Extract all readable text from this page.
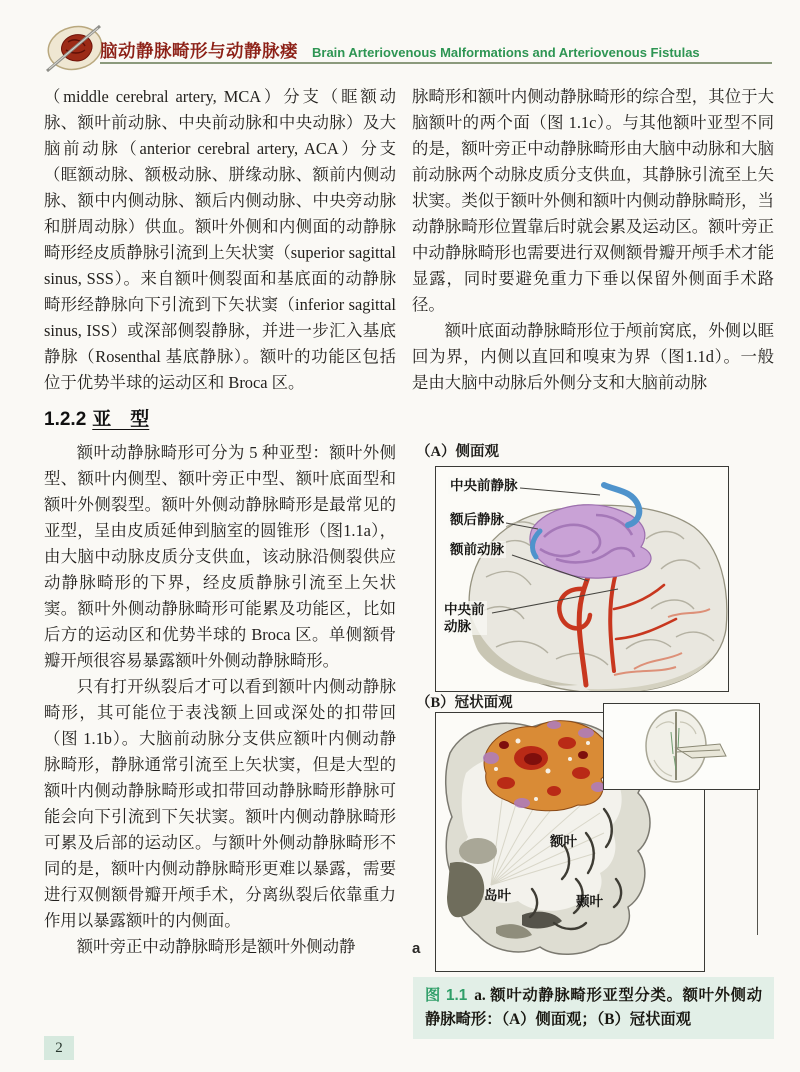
脑动静脉畸形与动静脉瘘 Brain Arteriovenous Malformations and Arteriovenous Fistulas

（middle cerebral artery, MCA）分支（眶额动脉、额叶前动脉、中央前动脉和中央动脉）及大脑前动脉（anterior cerebral artery, ACA）分支（眶额动脉、额极动脉、胼缘动脉、额前内侧动脉、额中内侧动脉、额后内侧动脉、中央旁动脉和胼周动脉）供血。额叶外侧和内侧面的动静脉畸形经皮质静脉引流到上矢状窦（superior sagittal sinus, SSS）。来自额叶侧裂面和基底面的动静脉畸形经静脉向下引流到下矢状窦（inferior sagittal sinus, ISS）或深部侧裂静脉，并进一步汇入基底静脉（Rosenthal 基底静脉）。额叶的功能区包括位于优势半球的运动区和 Broca 区。

1.2.2 亚　型

额叶动静脉畸形可分为 5 种亚型：额叶外侧型、额叶内侧型、额叶旁正中型、额叶底面型和额叶外侧裂型。额叶外侧动静脉畸形是最常见的亚型，呈由皮质延伸到脑室的圆锥形（图1.1a），由大脑中动脉皮质分支供血，该动脉沿侧裂供应动静脉畸形的下界，经皮质静脉引流至上矢状窦。额叶外侧动静脉畸形可能累及功能区，比如后方的运动区和优势半球的 Broca 区。单侧额骨瓣开颅很容易暴露额叶外侧动静脉畸形。

只有打开纵裂后才可以看到额叶内侧动静脉畸形，其可能位于表浅额上回或深处的扣带回（图 1.1b）。大脑前动脉分支供应额叶内侧动静脉畸形，静脉通常引流至上矢状窦，但是大型的额叶内侧动静脉畸形或扣带回动静脉畸形静脉可能会向下引流到下矢状窦。额叶内侧动静脉畸形可累及后部的运动区。与额叶外侧动静脉畸形不同的是，额叶内侧动静脉畸形更难以暴露，需要进行双侧额骨瓣开颅手术，分离纵裂后依靠重力作用以暴露额叶的内侧面。

额叶旁正中动静脉畸形是额叶外侧动静

脉畸形和额叶内侧动静脉畸形的综合型，其位于大脑额叶的两个面（图 1.1c）。与其他额叶亚型不同的是，额叶旁正中动静脉畸形由大脑中动脉和大脑前动脉两个动脉皮质分支供血，其静脉引流至上矢状窦。类似于额叶外侧和额叶内侧动静脉畸形，当动静脉畸形位置靠后时就会累及运动区。额叶旁正中动静脉畸形也需要进行双侧额骨瓣开颅手术才能显露，同时要避免重力下垂以保留外侧面手术路径。

额叶底面动静脉畸形位于颅前窝底，外侧以眶回为界，内侧以直回和嗅束为界（图1.1d）。一般是由大脑中动脉后外侧分支和大脑前动脉

（A）侧面观
中央前静脉
额后静脉
额前动脉
中央前
动脉
（B）冠状面观
额叶
岛叶	颞叶
a
图 1.1 a. 额叶动静脉畸形亚型分类。额叶外侧动静脉畸形：（A）侧面观；（B）冠状面观
2
